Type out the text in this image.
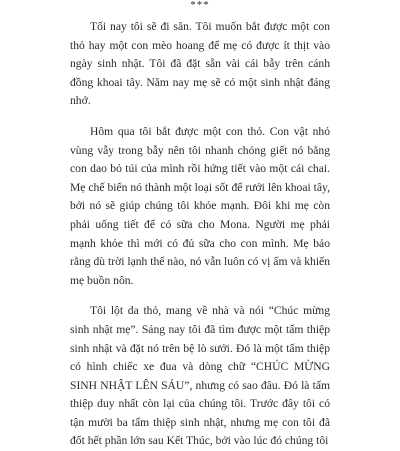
***

Tối nay tôi sẽ đi săn. Tôi muốn bắt được một con thỏ hay một con mèo hoang để mẹ có được ít thịt vào ngày sinh nhật. Tôi đã đặt sẵn vài cái bẫy trên cánh đồng khoai tây. Năm nay mẹ sẽ có một sinh nhật đáng nhớ.

Hôm qua tôi bắt được một con thỏ. Con vật nhỏ vùng vẫy trong bẫy nên tôi nhanh chóng giết nó bằng con dao bỏ túi của mình rồi hứng tiết vào một cái chai. Mẹ chế biến nó thành một loại sốt để rưới lên khoai tây, bởi nó sẽ giúp chúng tôi khỏe mạnh. Đôi khi mẹ còn phải uống tiết để có sữa cho Mona. Người mẹ phải mạnh khỏe thì mới có đủ sữa cho con mình. Mẹ bảo rằng dù trời lạnh thế nào, nó vẫn luôn có vị ấm và khiến mẹ buồn nôn.

Tôi lột da thỏ, mang về nhà và nói “Chúc mừng sinh nhật mẹ”. Sáng nay tôi đã tìm được một tấm thiệp sinh nhật và đặt nó trên bệ lò sưởi. Đó là một tấm thiệp có hình chiếc xe đua và dòng chữ “CHÚC MỪNG SINH NHẬT LÊN SÁU”, nhưng có sao đâu. Đó là tấm thiệp duy nhất còn lại của chúng tôi. Trước đây tôi có tận mười ba tấm thiệp sinh nhật, nhưng mẹ con tôi đã đốt hết phần lớn sau Kết Thúc, bởi vào lúc đó chúng tôi
